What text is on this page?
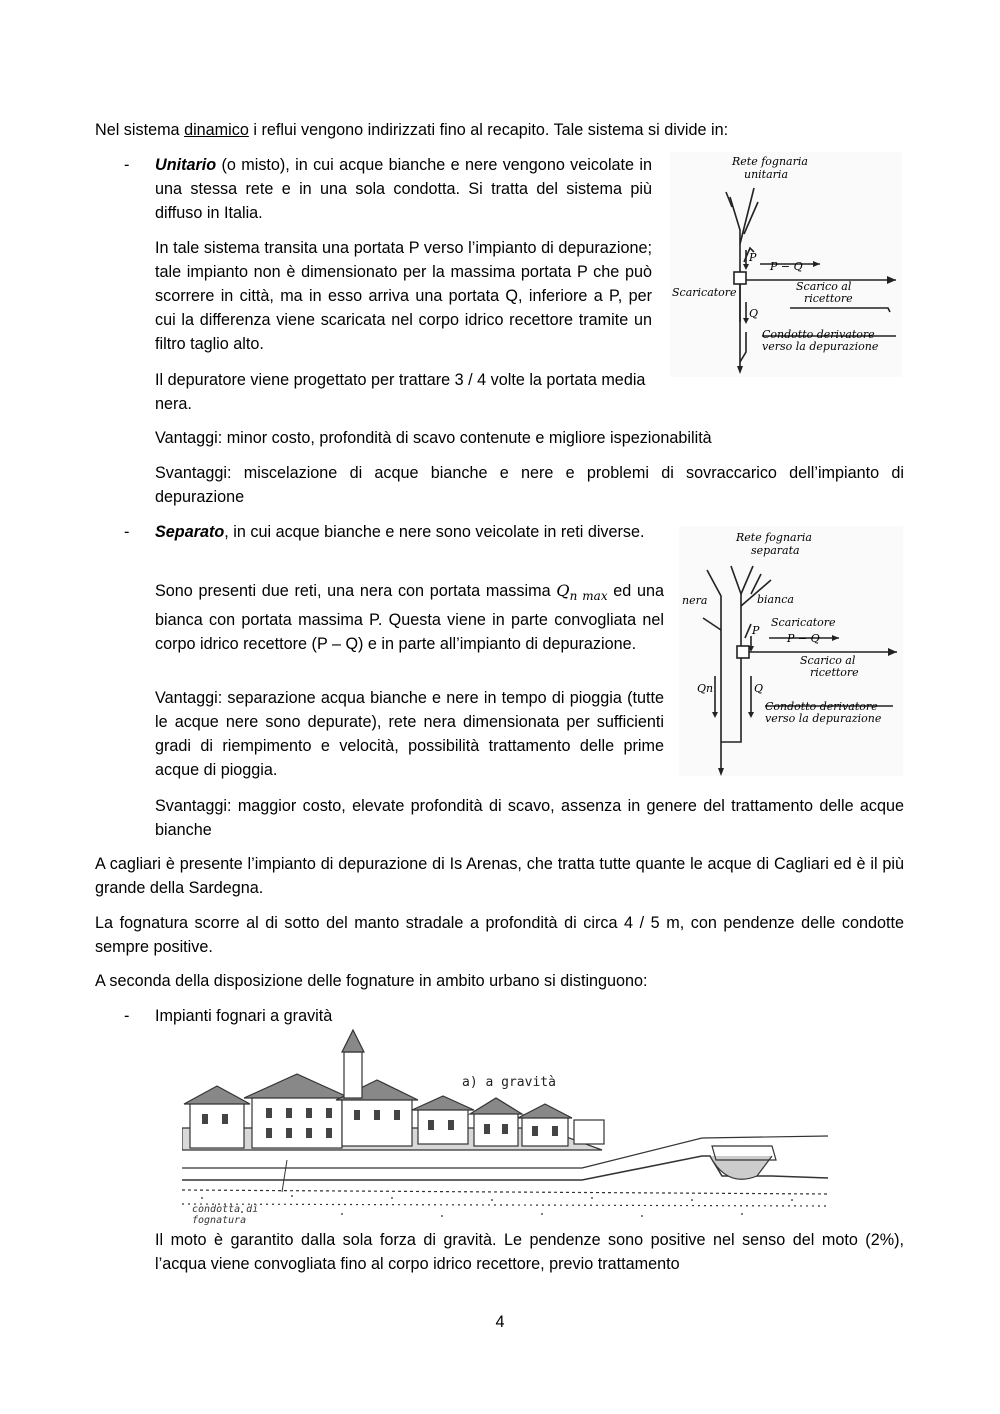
Nel sistema dinamico i reflui vengono indirizzati fino al recapito. Tale sistema si divide in:

- Unitario (o misto), in cui acque bianche e nere vengono veicolate in una stessa rete e in una sola condotta. Si tratta del sistema più diffuso in Italia.

In tale sistema transita una portata P verso l’impianto di depurazione; tale impianto non è dimensionato per la massima portata P che può scorrere in città, ma in esso arriva una portata Q, inferiore a P, per cui la differenza viene scaricata nel corpo idrico recettore tramite un filtro taglio alto.

Il depuratore viene progettato per trattare 3 / 4 volte la portata media nera.

Vantaggi: minor costo, profondità di scavo contenute e migliore ispezionabilità

Svantaggi: miscelazione di acque bianche e nere e problemi di sovraccarico dell’impianto di depurazione

Rete fognaria
unitaria
P
P − Q
Scaricatore	Scarico al
ricettore
Q
Condotto derivatore
verso la depurazione
- Separato, in cui acque bianche e nere sono veicolate in reti diverse.

Sono presenti due reti, una nera con portata massima $Q_{n max}$ ed una bianca con portata massima P. Questa viene in parte convogliata nel corpo idrico recettore (P – Q) e in parte all’impianto di depurazione.

Vantaggi: separazione acqua bianche e nere in tempo di pioggia (tutte le acque nere sono depurate), rete nera dimensionata per sufficienti gradi di riempimento e velocità, possibilità trattamento delle prime acque di pioggia.

Svantaggi: maggior costo, elevate profondità di scavo, assenza in genere del trattamento delle acque bianche

Rete fognaria
separata
nera	bianca
P
Scaricatore
P − Q
Scarico al
ricettore
Qn	Q
Condotto derivatore
verso la depurazione

A cagliari è presente l’impianto di depurazione di Is Arenas, che tratta tutte quante le acque di Cagliari ed è il più grande della Sardegna.

La fognatura scorre al di sotto del manto stradale a profondità di circa 4 / 5 m, con pendenze delle condotte sempre positive.

A seconda della disposizione delle fognature in ambito urbano si distinguono:

- Impianti fognari a gravità

a) a gravità
condotta di
fognatura

Il moto è garantito dalla sola forza di gravità. Le pendenze sono positive nel senso del moto (2%), l’acqua viene convogliata fino al corpo idrico recettore, previo trattamento

4
